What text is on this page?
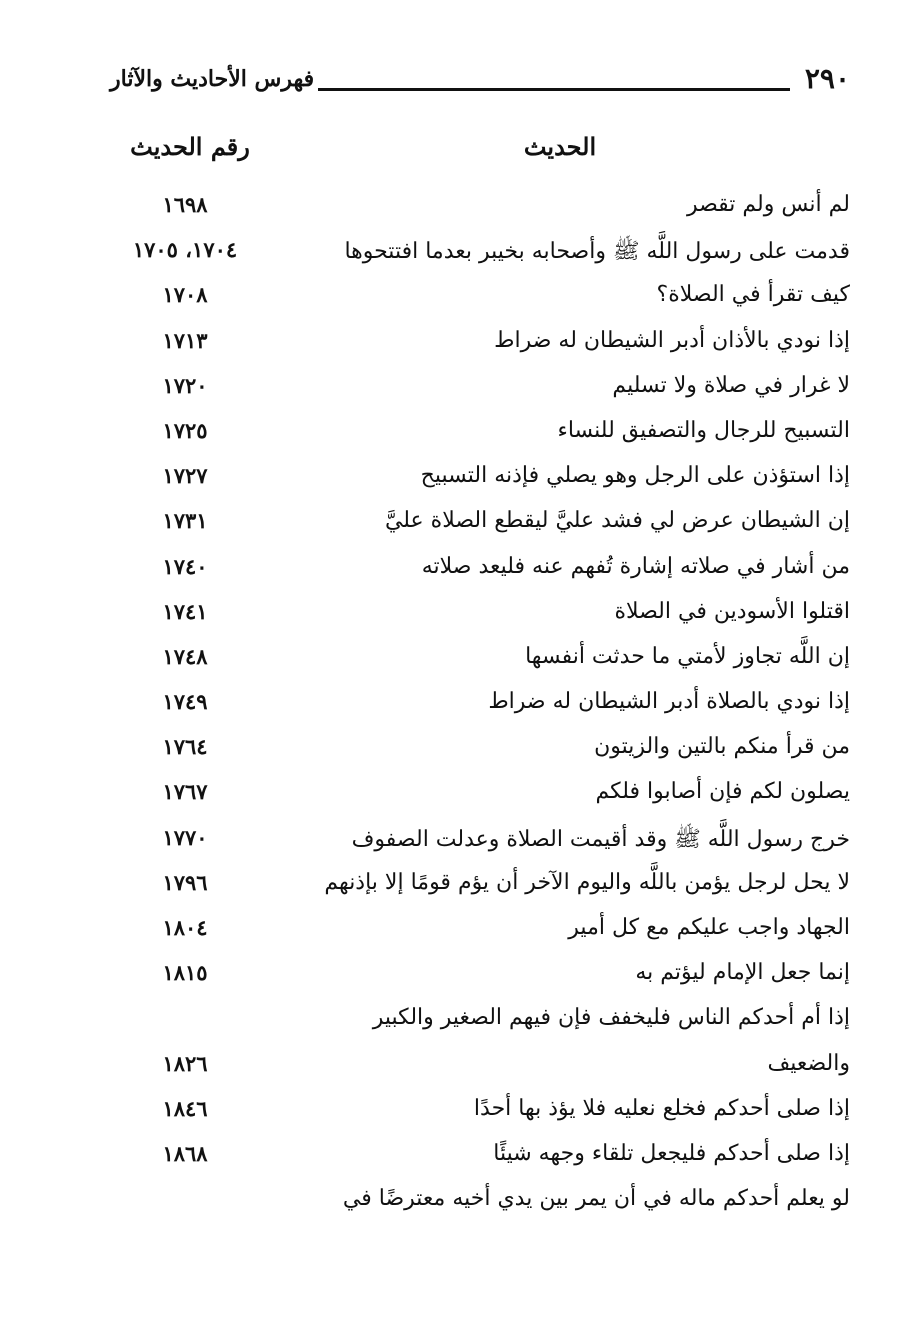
٢٩٠
فهرس الأحاديث والآثار
الحديث
رقم الحديث
لم أنس ولم تقصر
١٦٩٨
قدمت على رسول اللَّه ﷺ وأصحابه بخيبر بعدما افتتحوها
١٧٠٤، ١٧٠٥
كيف تقرأ في الصلاة؟
١٧٠٨
إذا نودي بالأذان أدبر الشيطان له ضراط
١٧١٣
لا غرار في صلاة ولا تسليم
١٧٢٠
التسبيح للرجال والتصفيق للنساء
١٧٢٥
إذا استؤذن على الرجل وهو يصلي فإذنه التسبيح
١٧٢٧
إن الشيطان عرض لي فشد عليَّ ليقطع الصلاة عليَّ
١٧٣١
من أشار في صلاته إشارة تُفهم عنه فليعد صلاته
١٧٤٠
اقتلوا الأسودين في الصلاة
١٧٤١
إن اللَّه تجاوز لأمتي ما حدثت أنفسها
١٧٤٨
إذا نودي بالصلاة أدبر الشيطان له ضراط
١٧٤٩
من قرأ منكم بالتين والزيتون
١٧٦٤
يصلون لكم فإن أصابوا فلكم
١٧٦٧
خرج رسول اللَّه ﷺ وقد أقيمت الصلاة وعدلت الصفوف
١٧٧٠
لا يحل لرجل يؤمن باللَّه واليوم الآخر أن يؤم قومًا إلا بإذنهم
١٧٩٦
الجهاد واجب عليكم مع كل أمير
١٨٠٤
إنما جعل الإمام ليؤتم به
١٨١٥
إذا أم أحدكم الناس فليخفف فإن فيهم الصغير والكبير
والضعيف
١٨٢٦
إذا صلى أحدكم فخلع نعليه فلا يؤذ بها أحدًا
١٨٤٦
إذا صلى أحدكم فليجعل تلقاء وجهه شيئًا
١٨٦٨
لو يعلم أحدكم ماله في أن يمر بين يدي أخيه معترضًا في
